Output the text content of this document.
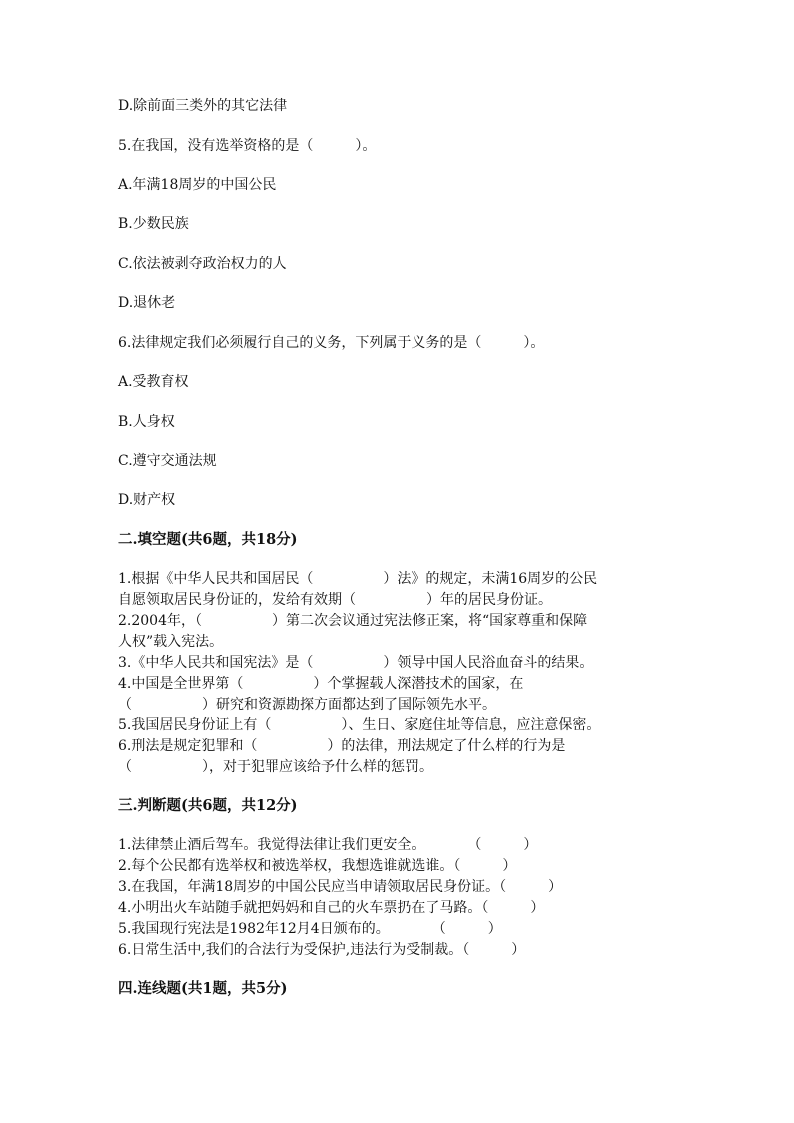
D.除前面三类外的其它法律

5.在我国，没有选举资格的是（　　　）。

A.年满18周岁的中国公民

B.少数民族

C.依法被剥夺政治权力的人

D.退休老

6.法律规定我们必须履行自己的义务，下列属于义务的是（　　　）。

A.受教育权

B.人身权

C.遵守交通法规

D.财产权

二.填空题(共6题，共18分)

1.根据《中华人民共和国居民（　　　　　）法》的规定，未满16周岁的公民

自愿领取居民身份证的，发给有效期（　　　　　）年的居民身份证。

2.2004年，（　　　　　）第二次会议通过宪法修正案，将“国家尊重和保障

人权”载入宪法。

3.《中华人民共和国宪法》是（　　　　　）领导中国人民浴血奋斗的结果。

4.中国是全世界第（　　　　　）个掌握载人深潜技术的国家，在

（　　　　　）研究和资源勘探方面都达到了国际领先水平。

5.我国居民身份证上有（　　　　　）、生日、家庭住址等信息，应注意保密。

6.刑法是规定犯罪和（　　　　　）的法律，刑法规定了什么样的行为是

（　　　　　），对于犯罪应该给予什么样的惩罚。

三.判断题(共6题，共12分)

1.法律禁止酒后驾车。我觉得法律让我们更安全。　　　　（　　　）

2.每个公民都有选举权和被选举权，我想选谁就选谁。（　　　）

3.在我国，年满18周岁的中国公民应当申请领取居民身份证。（　　　）

4.小明出火车站随手就把妈妈和自己的火车票扔在了马路。（　　　）

5.我国现行宪法是1982年12月4日颁布的。　　　　（　　　）

6.日常生活中,我们的合法行为受保护,违法行为受制裁。（　　　）

四.连线题(共1题，共5分)
